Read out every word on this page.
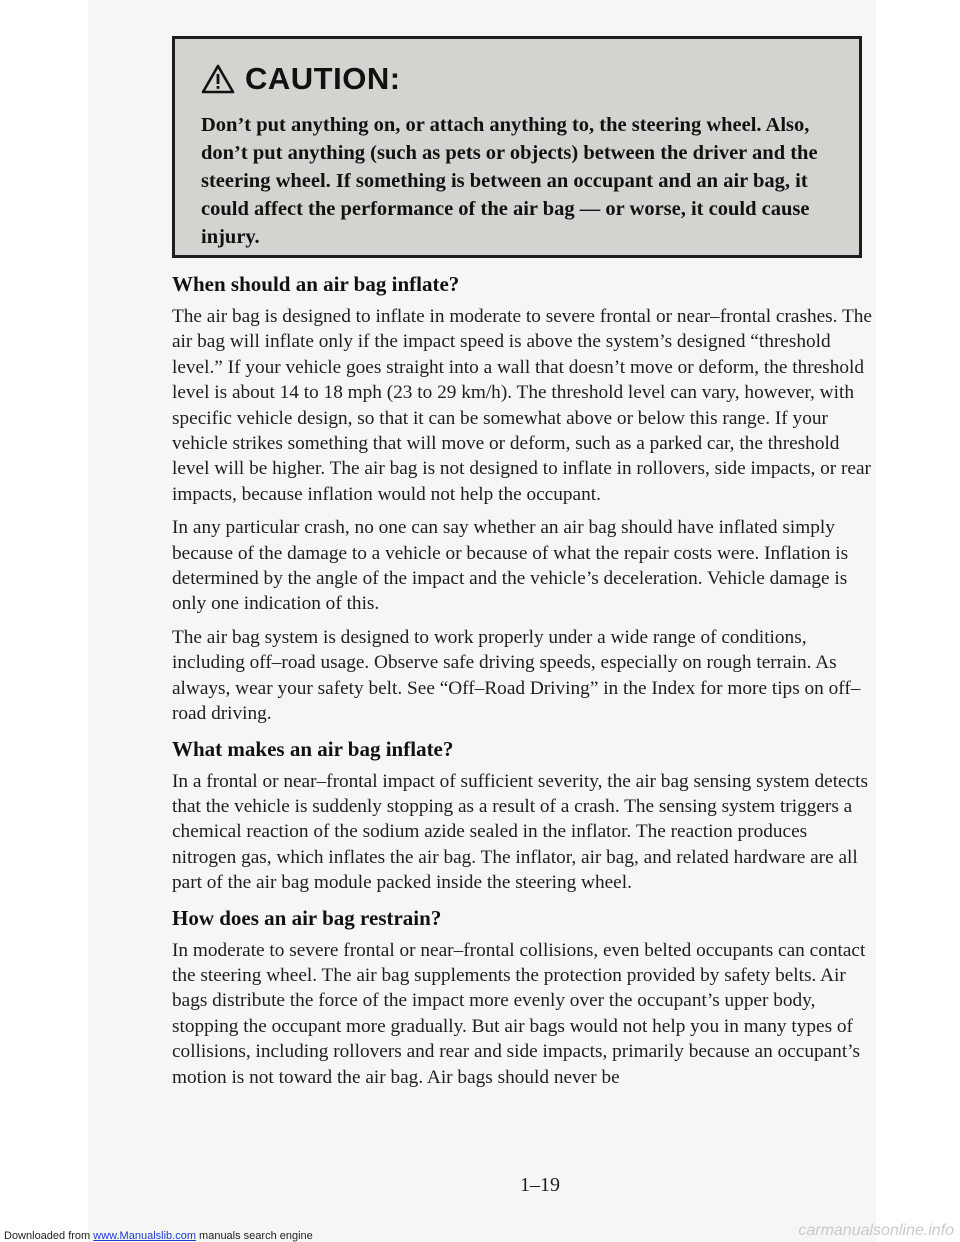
CAUTION:
Don’t put anything on, or attach anything to, the steering wheel. Also, don’t put anything (such as pets or objects) between the driver and the steering wheel. If something is between an occupant and an air bag, it could affect the performance of the air bag — or worse, it could cause injury.
When should an air bag inflate?

The air bag is designed to inflate in moderate to severe frontal or near–frontal crashes. The air bag will inflate only if the impact speed is above the system’s designed “threshold level.” If your vehicle goes straight into a wall that doesn’t move or deform, the threshold level is about 14 to 18 mph (23 to 29 km/h). The threshold level can vary, however, with specific vehicle design, so that it can be somewhat above or below this range. If your vehicle strikes something that will move or deform, such as a parked car, the threshold level will be higher. The air bag is not designed to inflate in rollovers, side impacts, or rear impacts, because inflation would not help the occupant.

In any particular crash, no one can say whether an air bag should have inflated simply because of the damage to a vehicle or because of what the repair costs were. Inflation is determined by the angle of the impact and the vehicle’s deceleration. Vehicle damage is only one indication of this.

The air bag system is designed to work properly under a wide range of conditions, including off–road usage. Observe safe driving speeds, especially on rough terrain. As always, wear your safety belt. See “Off–Road Driving” in the Index for more tips on off–road driving.

What makes an air bag inflate?

In a frontal or near–frontal impact of sufficient severity, the air bag sensing system detects that the vehicle is suddenly stopping as a result of a crash. The sensing system triggers a chemical reaction of the sodium azide sealed in the inflator. The reaction produces nitrogen gas, which inflates the air bag. The inflator, air bag, and related hardware are all part of the air bag module packed inside the steering wheel.

How does an air bag restrain?

In moderate to severe frontal or near–frontal collisions, even belted occupants can contact the steering wheel. The air bag supplements the protection provided by safety belts. Air bags distribute the force of the impact more evenly over the occupant’s upper body, stopping the occupant more gradually. But air bags would not help you in many types of collisions, including rollovers and rear and side impacts, primarily because an occupant’s motion is not toward the air bag. Air bags should never be

1–19
Downloaded from www.Manualslib.com manuals search engine	carmanualsonline.info
